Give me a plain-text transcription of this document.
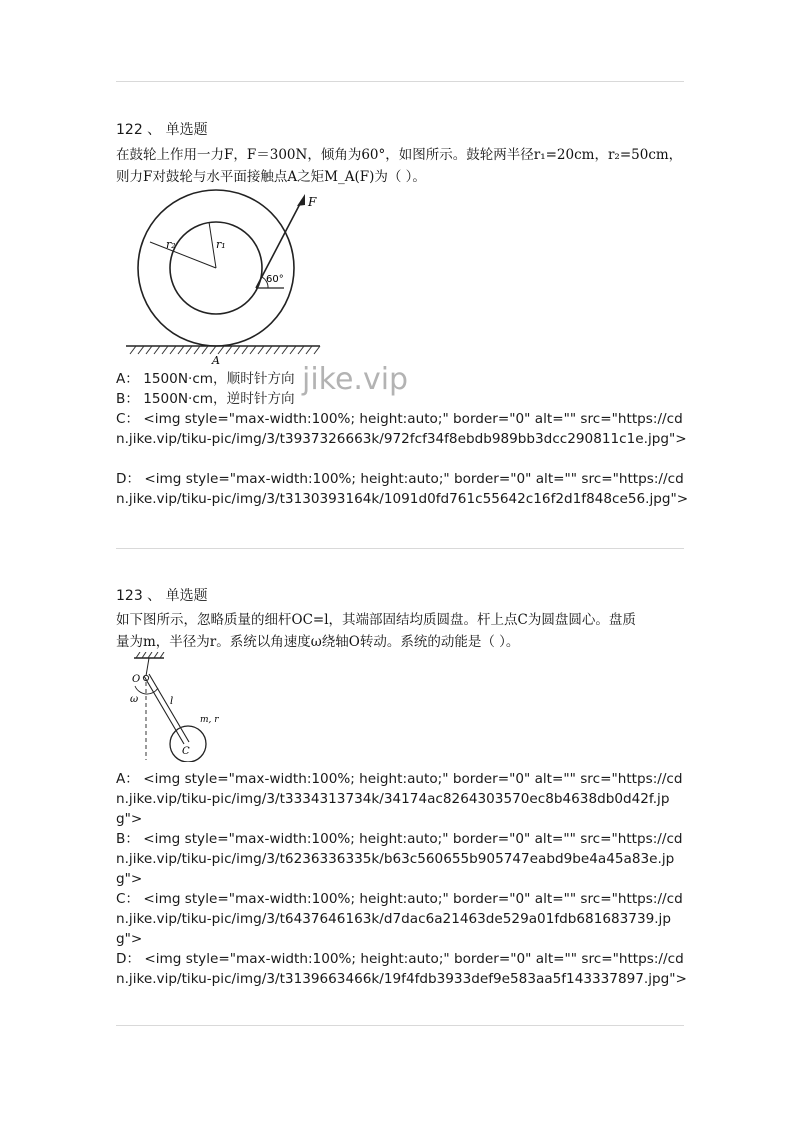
122 、 单选题
在鼓轮上作用一力F，F＝300N，倾角为60°，如图所示。鼓轮两半径r₁=20cm，r₂=50cm，
则力F对鼓轮与水平面接触点A之矩M_A(F)为（ ）。
F
r₁
r₂
60°
A
jike.vip
A： 1500N·cm，顺时针方向
B： 1500N·cm，逆时针方向
C： <img style="max-width:100%; height:auto;" border="0" alt="" src="https://cdn.jike.vip/tiku-pic/img/3/t3937326663k/972fcf34f8ebdb989bb3dcc290811c1e.jpg">
D： <img style="max-width:100%; height:auto;" border="0" alt="" src="https://cdn.jike.vip/tiku-pic/img/3/t3130393164k/1091d0fd761c55642c16f2d1f848ce56.jpg">
123 、 单选题
如下图所示，忽略质量的细杆OC=l，其端部固结均质圆盘。杆上点C为圆盘圆心。盘质
量为m，半径为r。系统以角速度ω绕轴O转动。系统的动能是（ ）。
O
ω	l
m, r
C
A： <img style="max-width:100%; height:auto;" border="0" alt="" src="https://cdn.jike.vip/tiku-pic/img/3/t3334313734k/34174ac8264303570ec8b4638db0d42f.jpg">
B： <img style="max-width:100%; height:auto;" border="0" alt="" src="https://cdn.jike.vip/tiku-pic/img/3/t6236336335k/b63c560655b905747eabd9be4a45a83e.jpg">
C： <img style="max-width:100%; height:auto;" border="0" alt="" src="https://cdn.jike.vip/tiku-pic/img/3/t6437646163k/d7dac6a21463de529a01fdb681683739.jpg">
D： <img style="max-width:100%; height:auto;" border="0" alt="" src="https://cdn.jike.vip/tiku-pic/img/3/t3139663466k/19f4fdb3933def9e583aa5f143337897.jpg">
